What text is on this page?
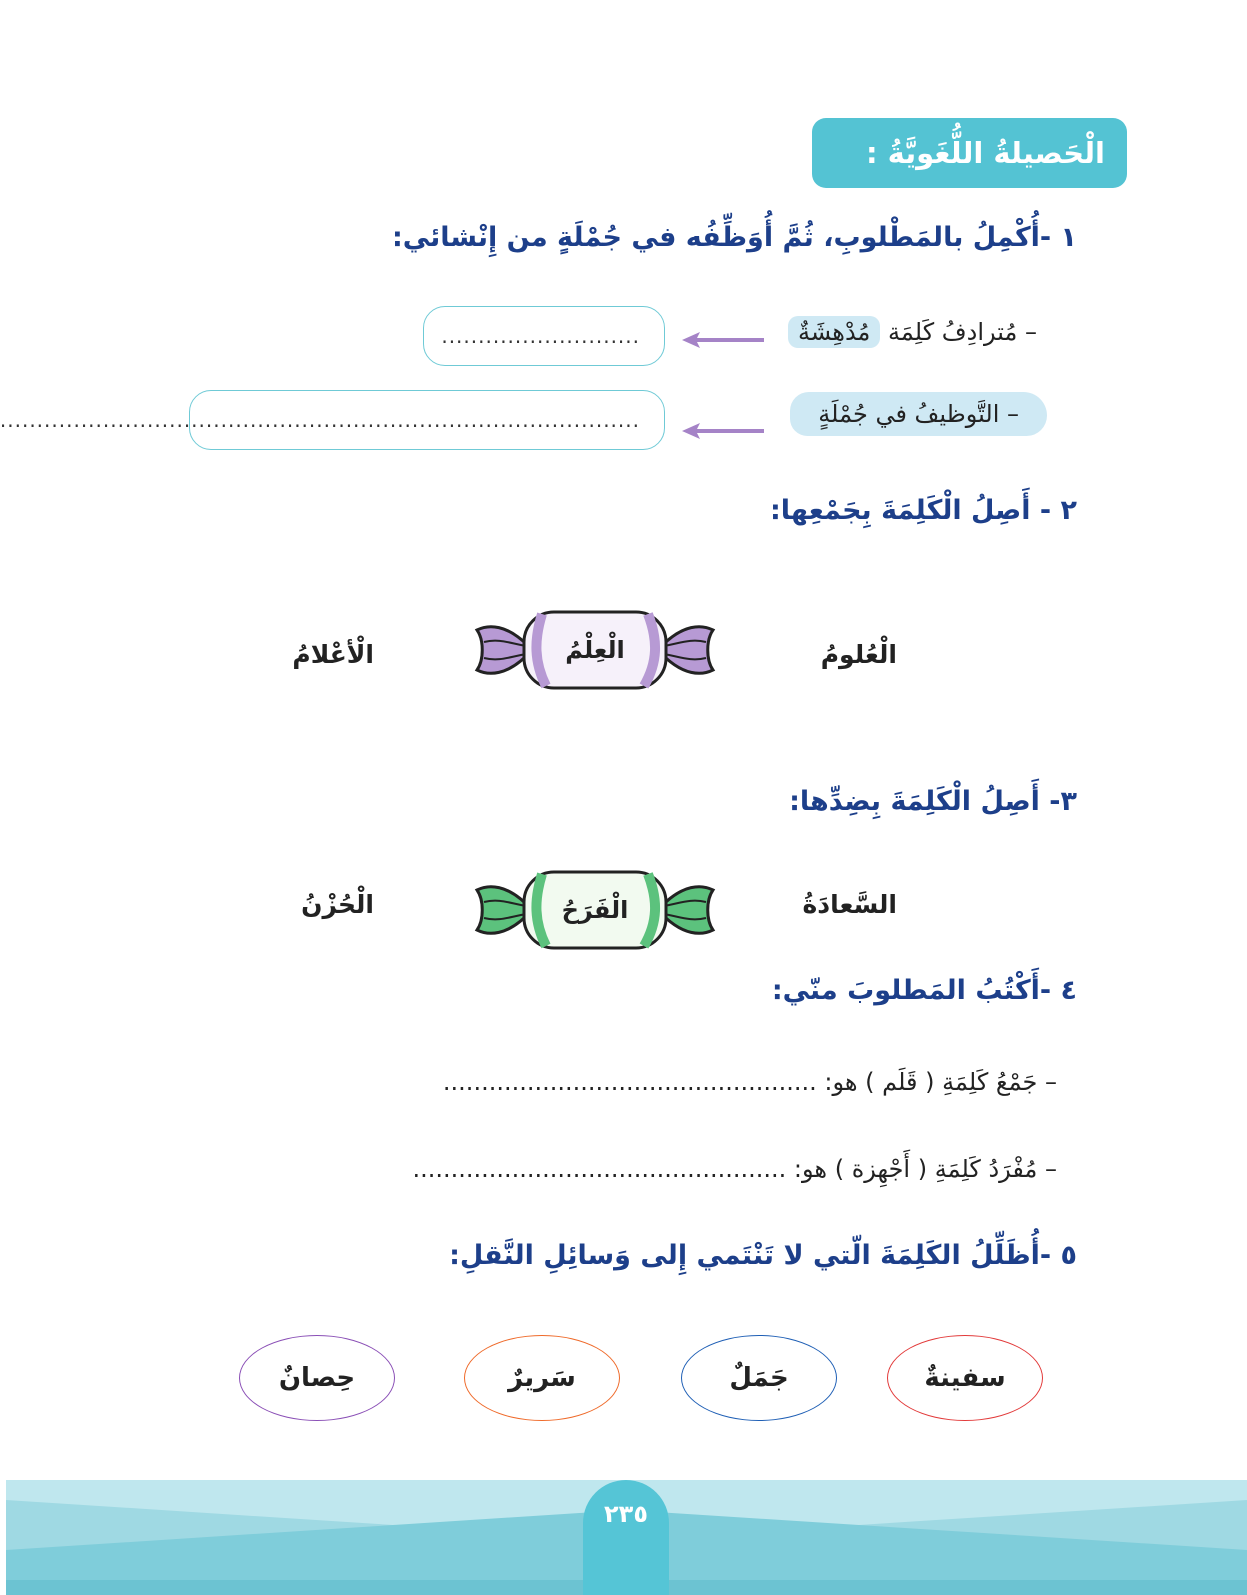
الْحَصيلةُ اللُّغَويَّةُ :
١ -أُكْمِلُ بالمَطْلوبِ، ثُمَّ أُوَظِّفُه في جُمْلَةٍ من إِنْشائي:
– مُترادِفُ كَلِمَة مُدْهِشَةٌ
...........................
– التَّوظيفُ في جُمْلَةٍ
.......................................................................................
٢ - أَصِلُ الْكَلِمَةَ بِجَمْعِها:
الْعُلومُ
الْعِلْمُ
الْأعْلامُ
٣- أَصِلُ الْكَلِمَةَ بِضِدِّها:
السَّعادَةُ
الْفَرَحُ
الْحُزْنُ
٤ -أَكْتُبُ المَطلوبَ منّي:
– جَمْعُ كَلِمَةِ ( قَلَم ) هو: .................................................
– مُفْرَدُ كَلِمَةِ ( أَجْهِزة ) هو: .................................................
٥ -أُظَلِّلُ الكَلِمَةَ الّتي لا تَنْتَمي إِلى وَسائِلِ النَّقلِ:
سفينةٌ
جَمَلٌ
سَريرٌ
حِصانٌ
٢٣٥
